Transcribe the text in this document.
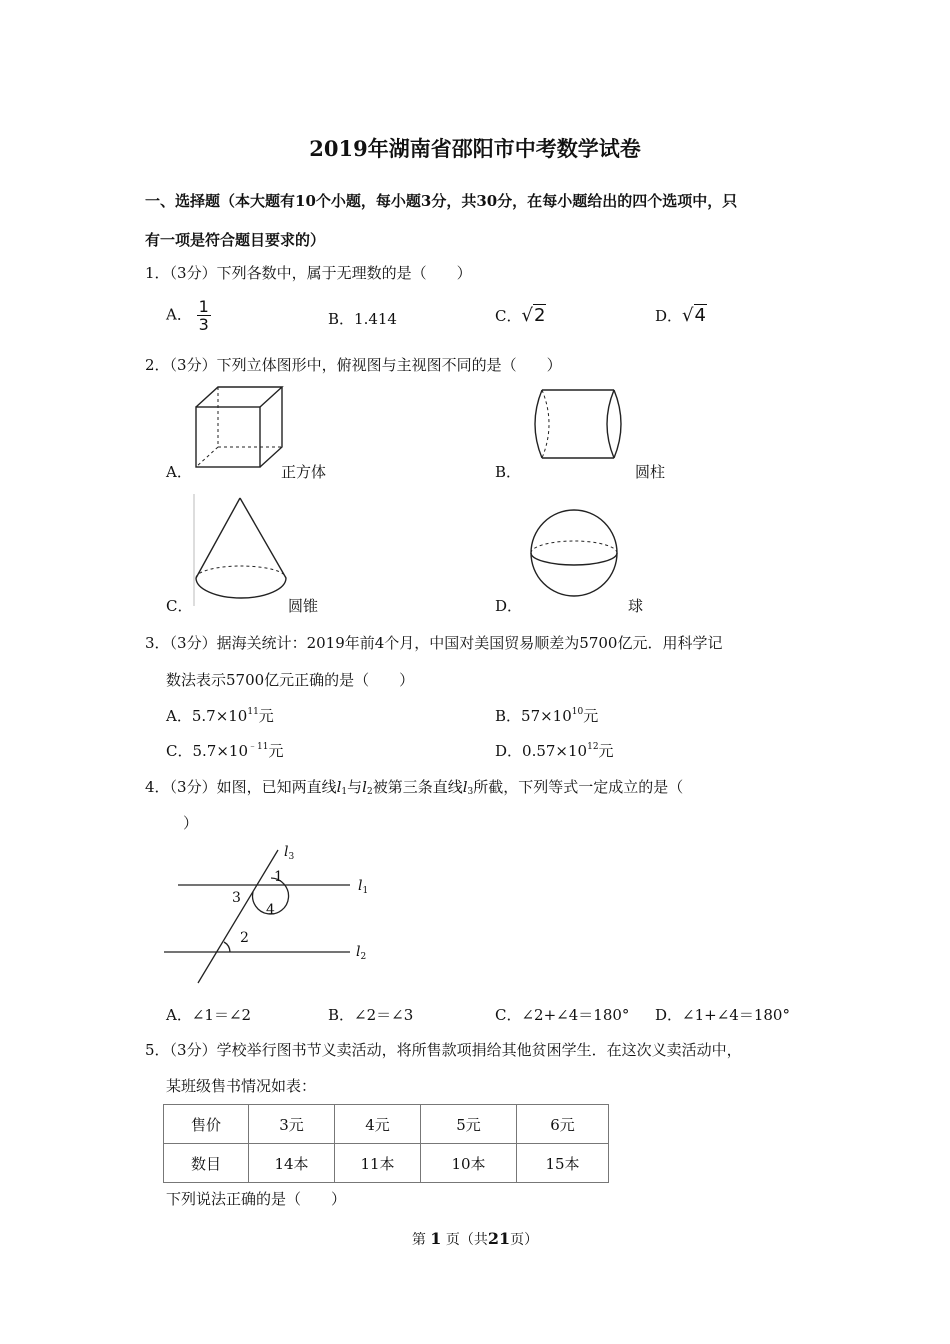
2019年湖南省邵阳市中考数学试卷
一、选择题（本大题有10个小题，每小题3分，共30分，在每小题给出的四个选项中，只
有一项是符合题目要求的）
1．（3分）下列各数中，属于无理数的是（　　）
A． $\frac{1}{3}$	B．1.414	C．√2	D．√4
2．（3分）下列立体图形中，俯视图与主视图不同的是（　　）
A．	正方体	B．	圆柱
C．	圆锥	D．	球
3．（3分）据海关统计：2019年前4个月，中国对美国贸易顺差为5700亿元．用科学记
数法表示5700亿元正确的是（　　）
A．$5.7\times 10^{11}$元	B．$57\times 10^{10}$元
C．$5.7\times 10^{﹣11}$元	D．$0.57\times 10^{12}$元
4．（3分）如图，已知两直线$l_1$与$l_2$被第三条直线$l_3$所截，下列等式一定成立的是（
）
1
3
4
2
$l_3$
$l_1$
$l_2$
A．∠1＝∠2	B．∠2＝∠3	C．∠2+∠4＝180° D．∠1+∠4＝180°
5．（3分）学校举行图书节义卖活动，将所售款项捐给其他贫困学生．在这次义卖活动中，
某班级售书情况如表：
售价	3元	4元	5元	6元
数目	14本	11本	10本	15本
下列说法正确的是（　　）
第 1 页（共21页）
